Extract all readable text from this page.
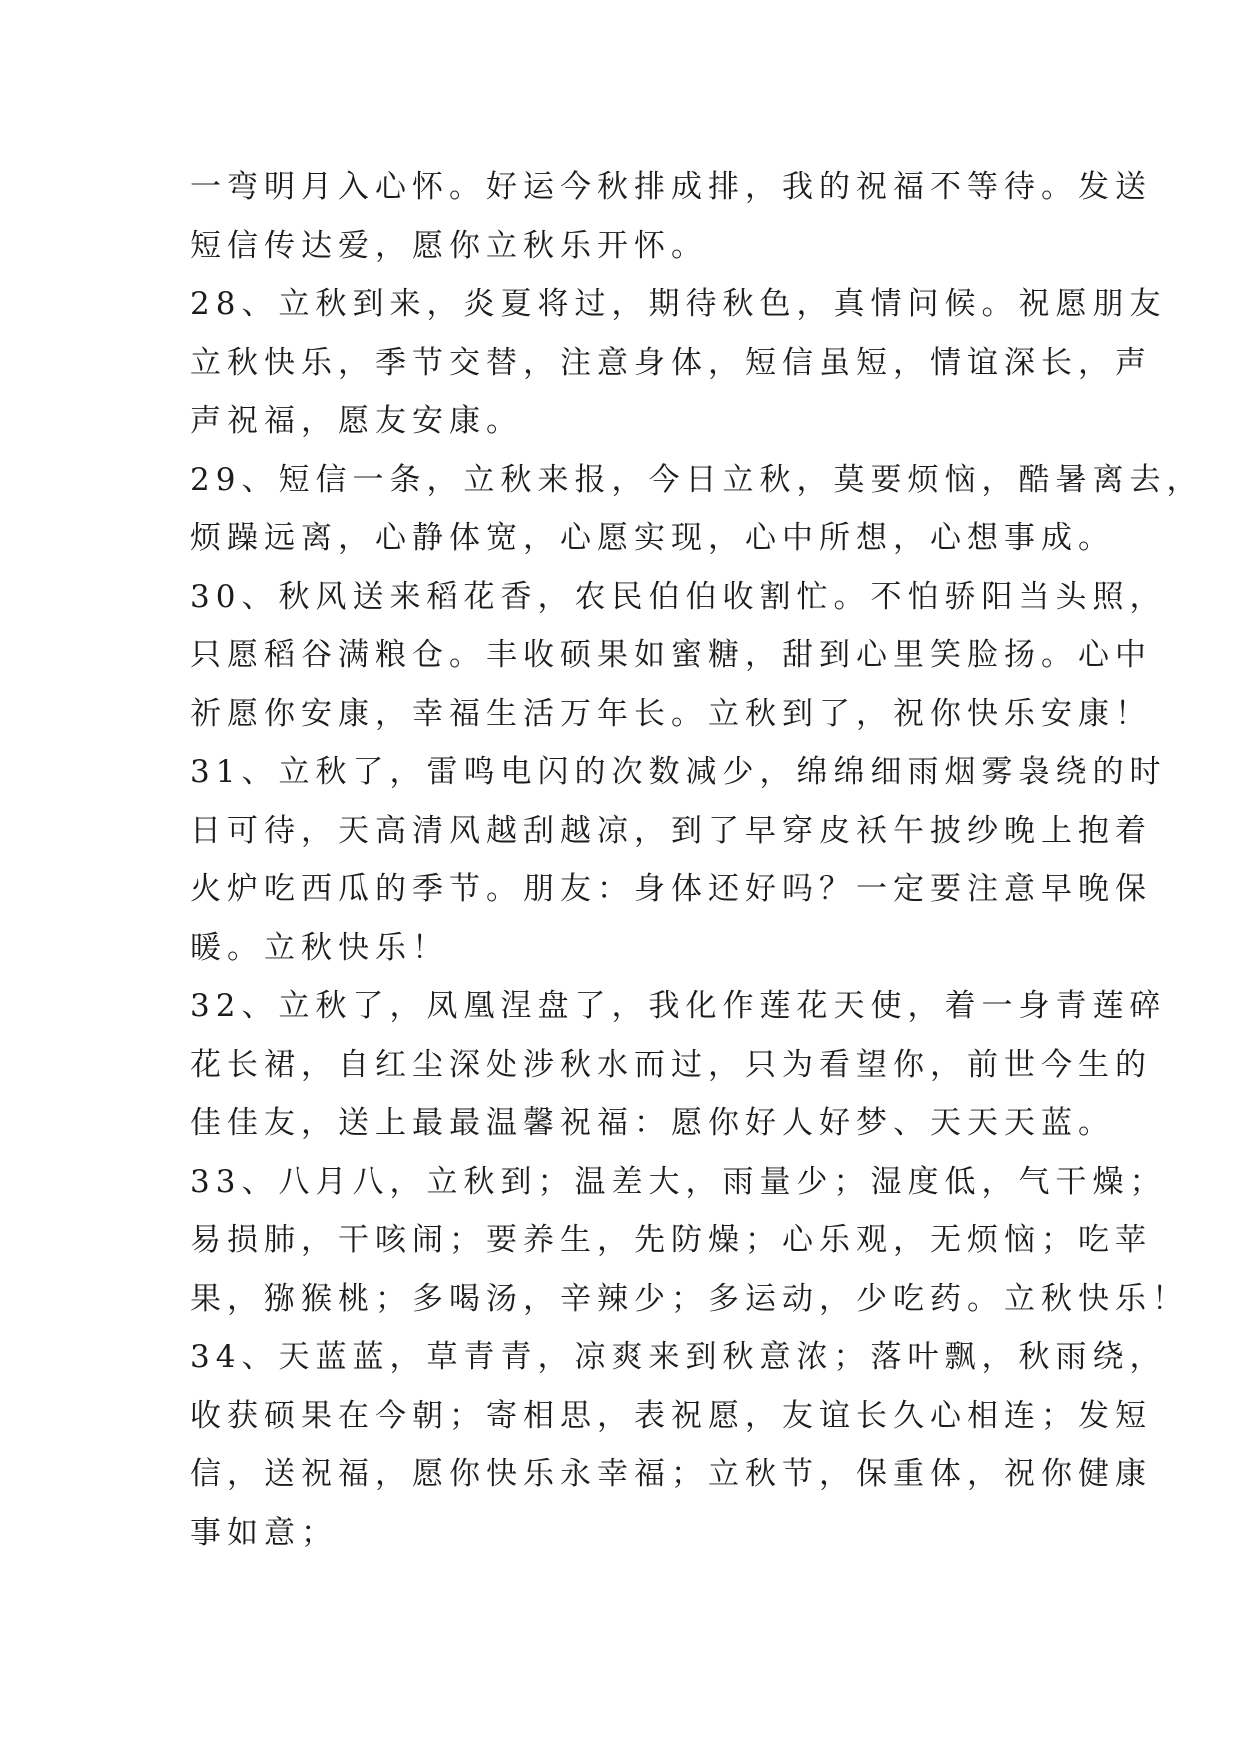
一弯明月入心怀。好运今秋排成排，我的祝福不等待。发送
短信传达爱，愿你立秋乐开怀。
28、立秋到来，炎夏将过，期待秋色，真情问候。祝愿朋友
立秋快乐，季节交替，注意身体，短信虽短，情谊深长，声
声祝福，愿友安康。
29、短信一条，立秋来报，今日立秋，莫要烦恼，酷暑离去，
烦躁远离，心静体宽，心愿实现，心中所想，心想事成。
30、秋风送来稻花香，农民伯伯收割忙。不怕骄阳当头照，
只愿稻谷满粮仓。丰收硕果如蜜糖，甜到心里笑脸扬。心中
祈愿你安康，幸福生活万年长。立秋到了，祝你快乐安康！
31、立秋了，雷鸣电闪的次数减少，绵绵细雨烟雾袅绕的时
日可待，天高清风越刮越凉，到了早穿皮袄午披纱晚上抱着
火炉吃西瓜的季节。朋友：身体还好吗？一定要注意早晚保
暖。立秋快乐！
32、立秋了，凤凰涅盘了，我化作莲花天使，着一身青莲碎
花长裙，自红尘深处涉秋水而过，只为看望你，前世今生的
佳佳友，送上最最温馨祝福：愿你好人好梦、天天天蓝。
33、八月八，立秋到；温差大，雨量少；湿度低，气干燥；
易损肺，干咳闹；要养生，先防燥；心乐观，无烦恼；吃苹
果，猕猴桃；多喝汤，辛辣少；多运动，少吃药。立秋快乐！
34、天蓝蓝，草青青，凉爽来到秋意浓；落叶飘，秋雨绕，
收获硕果在今朝；寄相思，表祝愿，友谊长久心相连；发短
信，送祝福，愿你快乐永幸福；立秋节，保重体，祝你健康
事如意；
